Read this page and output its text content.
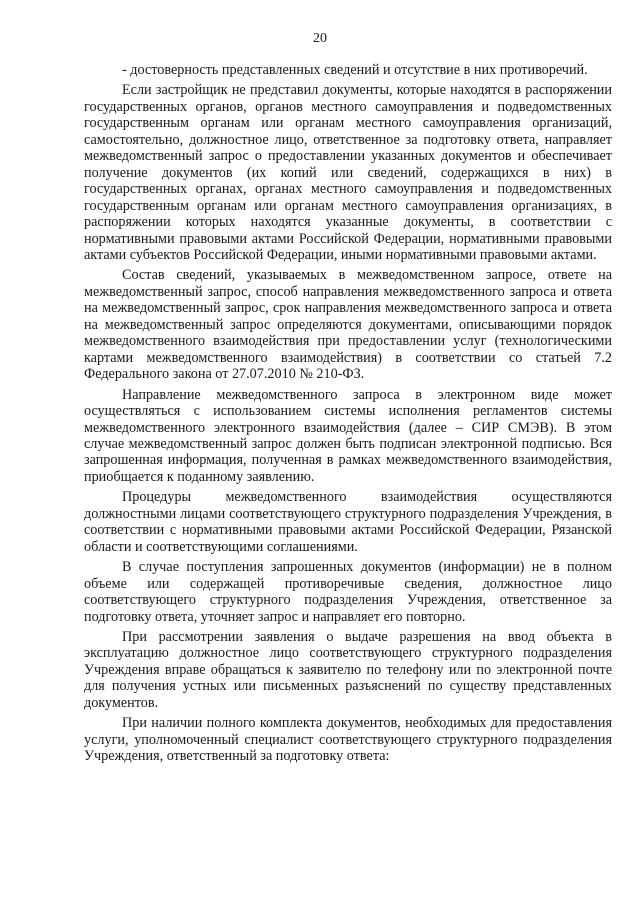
20

- достоверность представленных сведений и отсутствие в них противоречий.

Если застройщик не представил документы, которые находятся в распоряжении государственных органов, органов местного самоуправления и подведомственных государственным органам или органам местного самоуправления организаций, самостоятельно, должностное лицо, ответственное за подготовку ответа, направляет межведомственный запрос о предоставлении указанных документов и обеспечивает получение документов (их копий или сведений, содержащихся в них) в государственных органах, органах местного самоуправления и подведомственных государственным органам или органам местного самоуправления организациях, в распоряжении которых находятся указанные документы, в соответствии с нормативными правовыми актами Российской Федерации, нормативными правовыми актами субъектов Российской Федерации, иными нормативными правовыми актами.

Состав сведений, указываемых в межведомственном запросе, ответе на межведомственный запрос, способ направления межведомственного запроса и ответа на межведомственный запрос, срок направления межведомственного запроса и ответа на межведомственный запрос определяются документами, описывающими порядок межведомственного взаимодействия при предоставлении услуг (технологическими картами межведомственного взаимодействия) в соответствии со статьей 7.2 Федерального закона от 27.07.2010 № 210-ФЗ.

Направление межведомственного запроса в электронном виде может осуществляться с использованием системы исполнения регламентов системы межведомственного электронного взаимодействия (далее – СИР СМЭВ). В этом случае межведомственный запрос должен быть подписан электронной подписью. Вся запрошенная информация, полученная в рамках межведомственного взаимодействия, приобщается к поданному заявлению.

Процедуры межведомственного взаимодействия осуществляются должностными лицами соответствующего структурного подразделения Учреждения, в соответствии с нормативными правовыми актами Российской Федерации, Рязанской области и соответствующими соглашениями.

В случае поступления запрошенных документов (информации) не в полном объеме или содержащей противоречивые сведения, должностное лицо соответствующего структурного подразделения Учреждения, ответственное за подготовку ответа, уточняет запрос и направляет его повторно.

При рассмотрении заявления о выдаче разрешения на ввод объекта в эксплуатацию должностное лицо соответствующего структурного подразделения Учреждения вправе обращаться к заявителю по телефону или по электронной почте для получения устных или письменных разъяснений по существу представленных документов.

При наличии полного комплекта документов, необходимых для предоставления услуги, уполномоченный специалист соответствующего структурного подразделения Учреждения, ответственный за подготовку ответа:
